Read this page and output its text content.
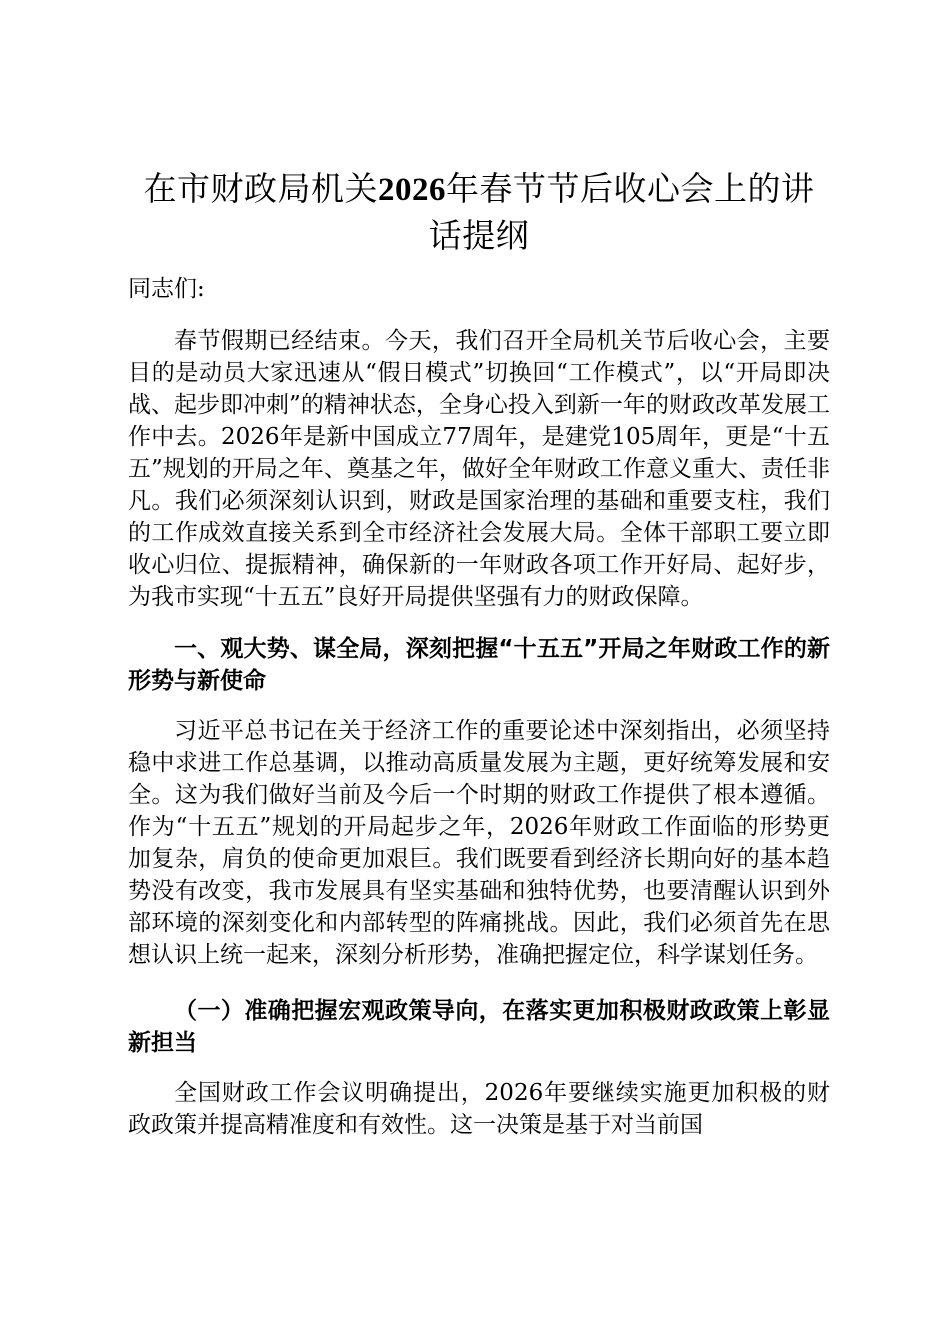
在市财政局机关2026年春节节后收心会上的讲话提纲

同志们:

春节假期已经结束。今天，我们召开全局机关节后收心会，主要目的是动员大家迅速从“假日模式”切换回“工作模式”，以“开局即决战、起步即冲刺”的精神状态，全身心投入到新一年的财政改革发展工作中去。2026年是新中国成立77周年，是建党105周年，更是“十五五”规划的开局之年、奠基之年，做好全年财政工作意义重大、责任非凡。我们必须深刻认识到，财政是国家治理的基础和重要支柱，我们的工作成效直接关系到全市经济社会发展大局。全体干部职工要立即收心归位、提振精神，确保新的一年财政各项工作开好局、起好步，为我市实现“十五五”良好开局提供坚强有力的财政保障。

一、观大势、谋全局，深刻把握“十五五”开局之年财政工作的新形势与新使命

习近平总书记在关于经济工作的重要论述中深刻指出，必须坚持稳中求进工作总基调，以推动高质量发展为主题，更好统筹发展和安全。这为我们做好当前及今后一个时期的财政工作提供了根本遵循。作为“十五五”规划的开局起步之年，2026年财政工作面临的形势更加复杂，肩负的使命更加艰巨。我们既要看到经济长期向好的基本趋势没有改变，我市发展具有坚实基础和独特优势，也要清醒认识到外部环境的深刻变化和内部转型的阵痛挑战。因此，我们必须首先在思想认识上统一起来，深刻分析形势，准确把握定位，科学谋划任务。

（一）准确把握宏观政策导向，在落实更加积极财政政策上彰显新担当

全国财政工作会议明确提出，2026年要继续实施更加积极的财政政策并提高精准度和有效性。这一决策是基于对当前国
